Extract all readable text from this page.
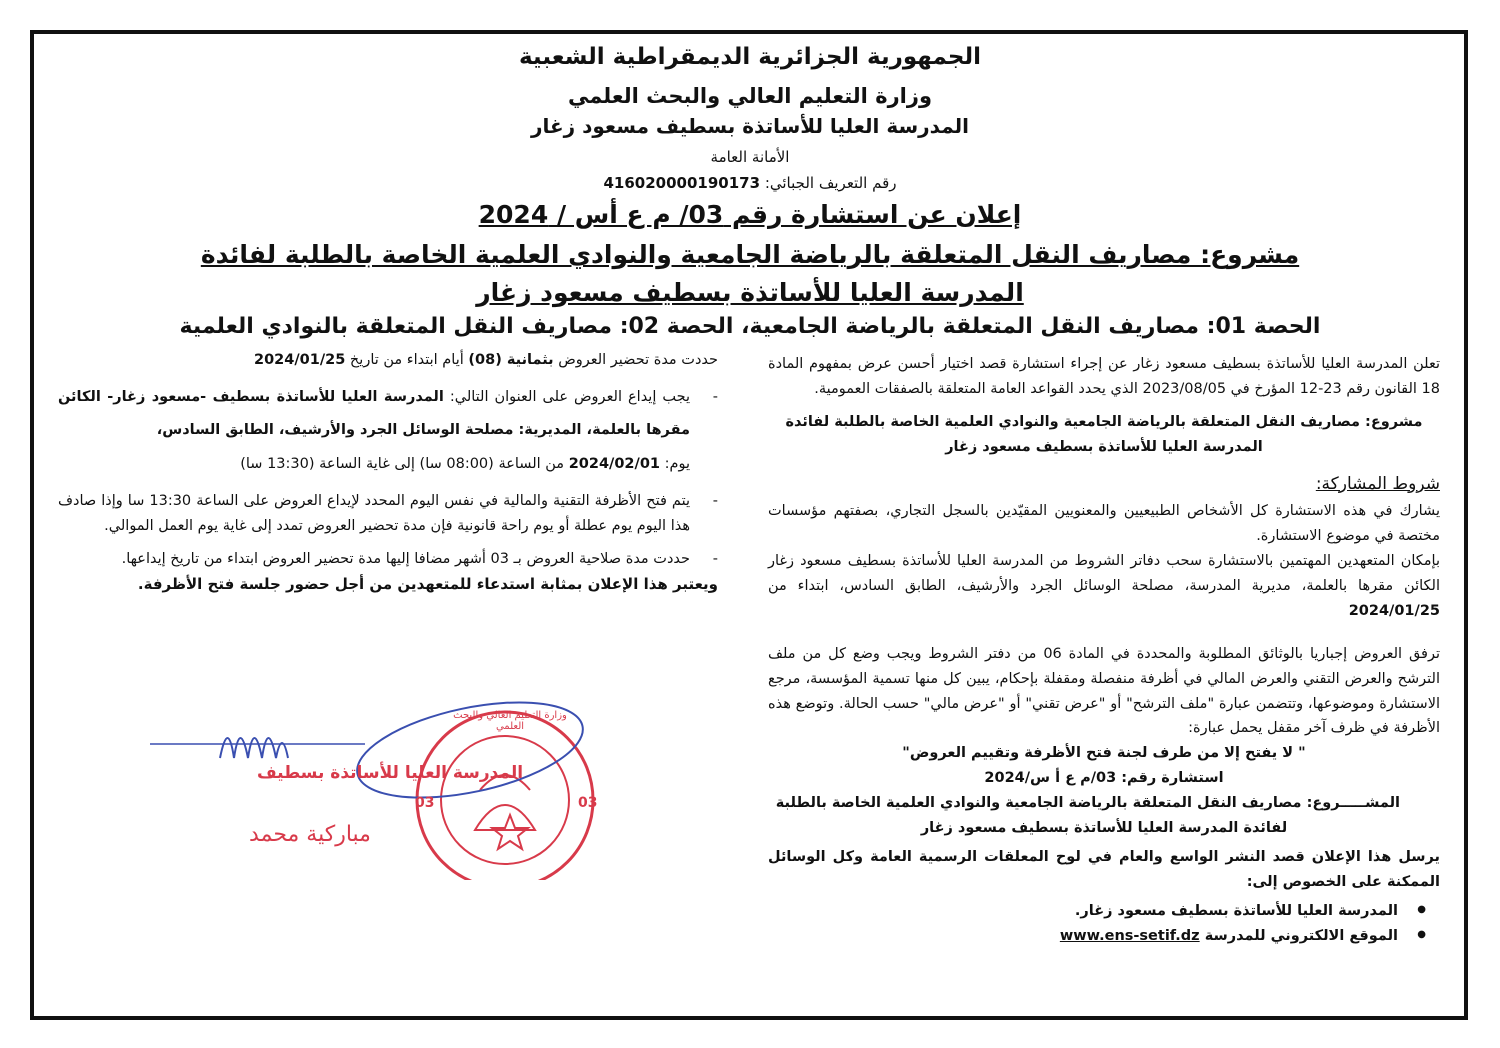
الجمهورية الجزائرية الديمقراطية الشعبية
وزارة التعليم العالي والبحث العلمي
المدرسة العليا للأساتذة بسطيف مسعود زغار
الأمانة العامة
رقم التعريف الجبائي: 416020000190173
إعلان عن استشارة رقم 03/ م ع أس / 2024
مشروع: مصاريف النقل المتعلقة بالرياضة الجامعية والنوادي العلمية الخاصة بالطلبة لفائدة
المدرسة العليا للأساتذة بسطيف مسعود زغار
الحصة 01: مصاريف النقل المتعلقة بالرياضة الجامعية، الحصة 02: مصاريف النقل المتعلقة بالنوادي العلمية

تعلن المدرسة العليا للأساتذة بسطيف مسعود زغار عن إجراء استشارة قصد اختيار أحسن عرض بمفهوم المادة 18 القانون رقم 23-12 المؤرخ في 2023/08/05 الذي يحدد القواعد العامة المتعلقة بالصفقات العمومية.

مشروع: مصاريف النقل المتعلقة بالرياضة الجامعية والنوادي العلمية الخاصة بالطلبة لفائدة
المدرسة العليا للأساتذة بسطيف مسعود زغار
شروط المشاركة:

يشارك في هذه الاستشارة كل الأشخاص الطبيعيين والمعنويين المقيّدين بالسجل التجاري، بصفتهم مؤسسات مختصة في موضوع الاستشارة.

بإمكان المتعهدين المهتمين بالاستشارة سحب دفاتر الشروط من المدرسة العليا للأساتذة بسطيف مسعود زغار الكائن مقرها بالعلمة، مديرية المدرسة، مصلحة الوسائل الجرد والأرشيف، الطابق السادس، ابتداء من 2024/01/25

ترفق العروض إجباريا بالوثائق المطلوبة والمحددة في المادة 06 من دفتر الشروط ويجب وضع كل من ملف الترشح والعرض التقني والعرض المالي في أظرفة منفصلة ومقفلة بإحكام، يبين كل منها تسمية المؤسسة، مرجع الاستشارة وموضوعها، وتتضمن عبارة "ملف الترشح" أو "عرض تقني" أو "عرض مالي" حسب الحالة. وتوضع هذه الأظرفة في ظرف آخر مقفل يحمل عبارة:

" لا يفتح إلا من طرف لجنة فتح الأظرفة وتقييم العروض"
استشارة رقم: 03/م ع أ س/2024
المشـــــروع: مصاريف النقل المتعلقة بالرياضة الجامعية والنوادي العلمية الخاصة بالطلبة
لفائدة المدرسة العليا للأساتذة بسطيف مسعود زغار

يرسل هذا الإعلان قصد النشر الواسع والعام في لوح المعلقات الرسمية العامة وكل الوسائل الممكنة على الخصوص إلى:

● المدرسة العليا للأساتذة بسطيف مسعود زغار.
● الموقع الالكتروني للمدرسة www.ens-setif.dz

حددت مدة تحضير العروض بثمانية (08) أيام ابتداء من تاريخ 2024/01/25

-
يجب إيداع العروض على العنوان التالي: المدرسة العليا للأساتذة بسطيف -مسعود زغار- الكائن مقرها بالعلمة، المديرية: مصلحة الوسائل الجرد والأرشيف، الطابق السادس،
يوم: 2024/02/01 من الساعة (08:00 سا) إلى غاية الساعة (13:30 سا)
-
يتم فتح الأظرفة التقنية والمالية في نفس اليوم المحدد لإيداع العروض على الساعة 13:30 سا وإذا صادف هذا اليوم يوم عطلة أو يوم راحة قانونية فإن مدة تحضير العروض تمدد إلى غاية يوم العمل الموالي.
-
حددت مدة صلاحية العروض بـ 03 أشهر مضافا إليها مدة تحضير العروض ابتداء من تاريخ إيداعها.

ويعتبر هذا الإعلان بمثابة استدعاء للمتعهدين من أجل حضور جلسة فتح الأظرفة.

المدرسة العليا للأساتذة بسطيف
03	03
مباركية محمد
وزارة التعليم العالي والبحث العلمي
